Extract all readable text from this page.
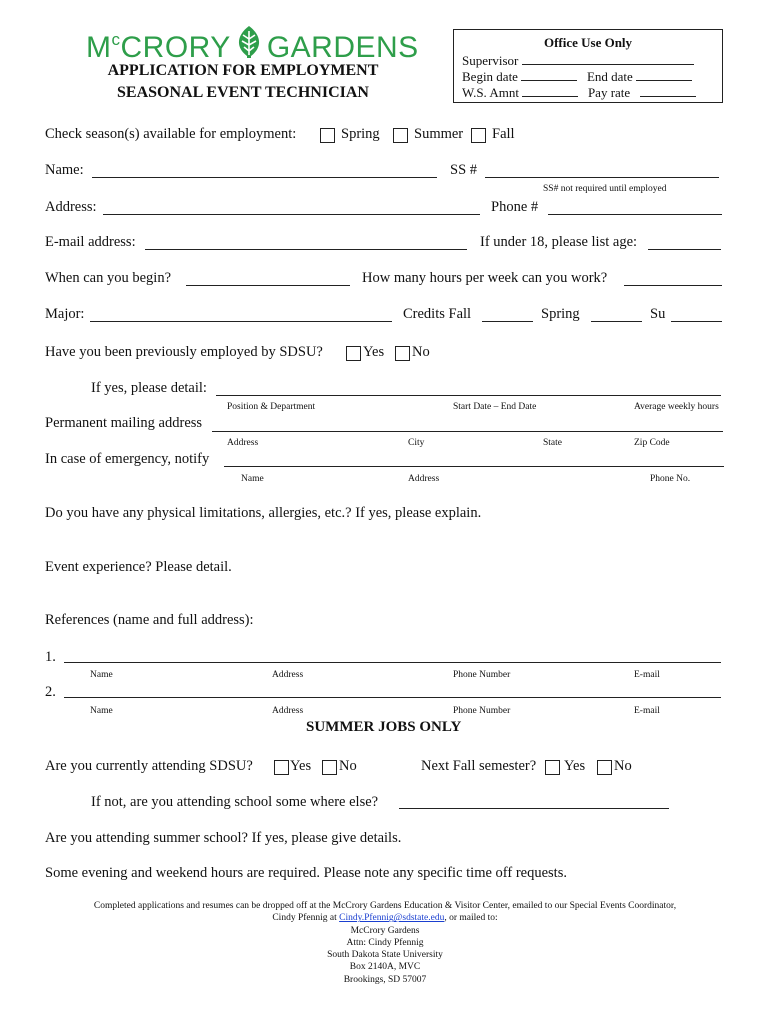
$M^cCRORY$ GARDENS
APPLICATION FOR EMPLOYMENT
SEASONAL EVENT TECHNICIAN
Office Use Only
Supervisor
Begin date	End date
W.S. Amnt	Pay rate
Check season(s) available for employment:	Spring Summer Fall
Name:	SS #
SS# not required until employed
Address:	Phone #
E-mail address:	If under 18, please list age:
When can you begin?	How many hours per week can you work?
Major:	Credits Fall	Spring	Su
Have you been previously employed by SDSU?	Yes No
If yes, please detail:
Position & Department	Start Date – End Date	Average weekly hours
Permanent mailing address
Address	City	State	Zip Code
In case of emergency, notify
Name	Address	Phone No.
Do you have any physical limitations, allergies, etc.? If yes, please explain.
Event experience? Please detail.
References (name and full address):
1.
Name	Address	Phone Number	E-mail
2.
Name	Address	Phone Number	E-mail
SUMMER JOBS ONLY
Are you currently attending SDSU?	Yes No	Next Fall semester? Yes No
If not, are you attending school some where else?
Are you attending summer school? If yes, please give details.
Some evening and weekend hours are required. Please note any specific time off requests.
Completed applications and resumes can be dropped off at the McCrory Gardens Education & Visitor Center, emailed to our Special Events Coordinator,
Cindy Pfennig at Cindy.Pfennig@sdstate.edu, or mailed to:
McCrory Gardens
Attn: Cindy Pfennig
South Dakota State University
Box 2140A, MVC
Brookings, SD 57007
